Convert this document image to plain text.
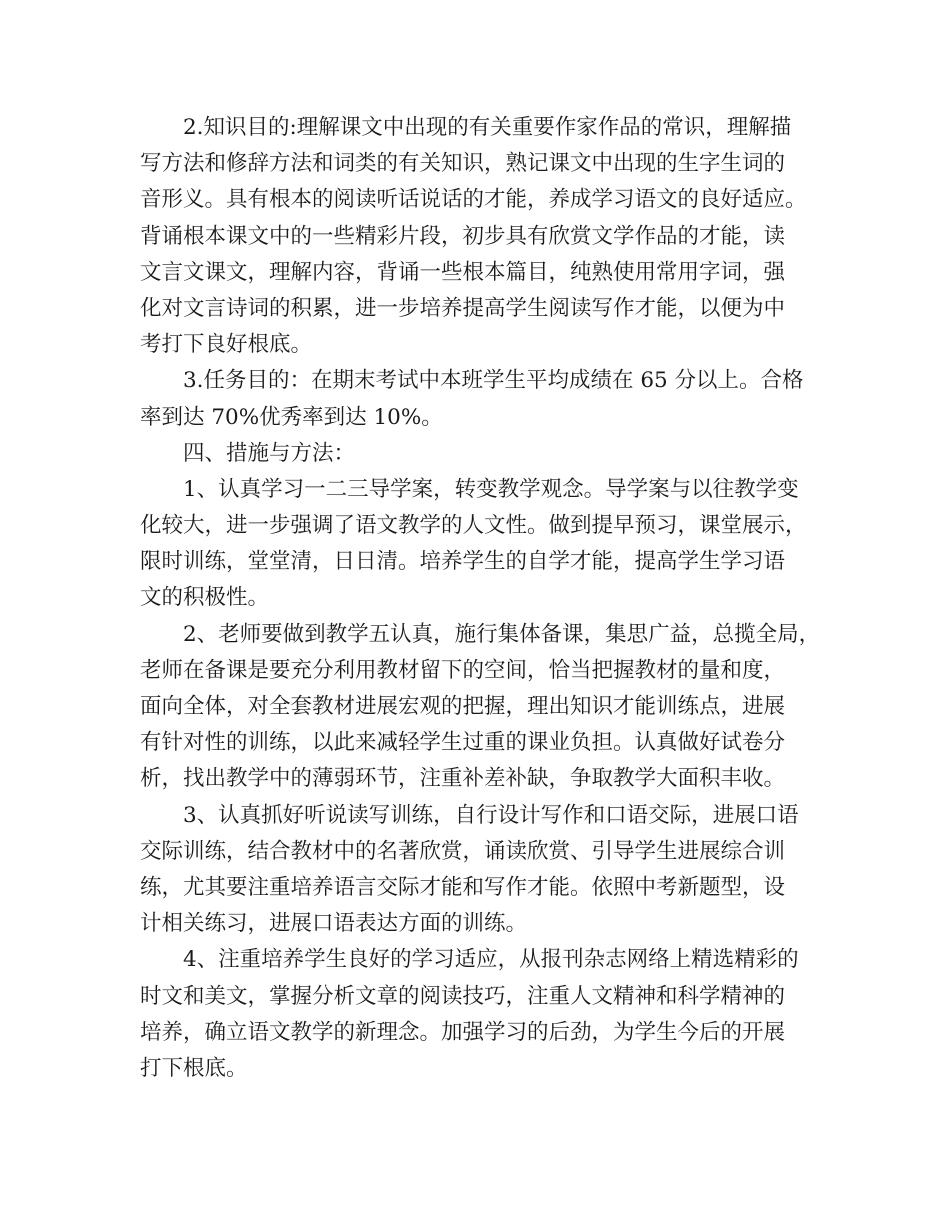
2.知识目的:理解课文中出现的有关重要作家作品的常识，理解描
写方法和修辞方法和词类的有关知识，熟记课文中出现的生字生词的
音形义。具有根本的阅读听话说话的才能，养成学习语文的良好适应。
背诵根本课文中的一些精彩片段，初步具有欣赏文学作品的才能，读
文言文课文，理解内容，背诵一些根本篇目，纯熟使用常用字词，强
化对文言诗词的积累，进一步培养提高学生阅读写作才能，以便为中
考打下良好根底。
3.任务目的：在期末考试中本班学生平均成绩在 65 分以上。合格
率到达 70%优秀率到达 10%。
四、措施与方法：
1、认真学习一二三导学案，转变教学观念。导学案与以往教学变
化较大，进一步强调了语文教学的人文性。做到提早预习，课堂展示，
限时训练，堂堂清，日日清。培养学生的自学才能，提高学生学习语
文的积极性。
2、老师要做到教学五认真，施行集体备课，集思广益，总揽全局，
老师在备课是要充分利用教材留下的空间，恰当把握教材的量和度，
面向全体，对全套教材进展宏观的把握，理出知识才能训练点，进展
有针对性的训练，以此来减轻学生过重的课业负担。认真做好试卷分
析，找出教学中的薄弱环节，注重补差补缺，争取教学大面积丰收。
3、认真抓好听说读写训练，自行设计写作和口语交际，进展口语
交际训练，结合教材中的名著欣赏，诵读欣赏、引导学生进展综合训
练，尤其要注重培养语言交际才能和写作才能。依照中考新题型，设
计相关练习，进展口语表达方面的训练。
4、注重培养学生良好的学习适应，从报刊杂志网络上精选精彩的
时文和美文，掌握分析文章的阅读技巧，注重人文精神和科学精神的
培养，确立语文教学的新理念。加强学习的后劲，为学生今后的开展
打下根底。
